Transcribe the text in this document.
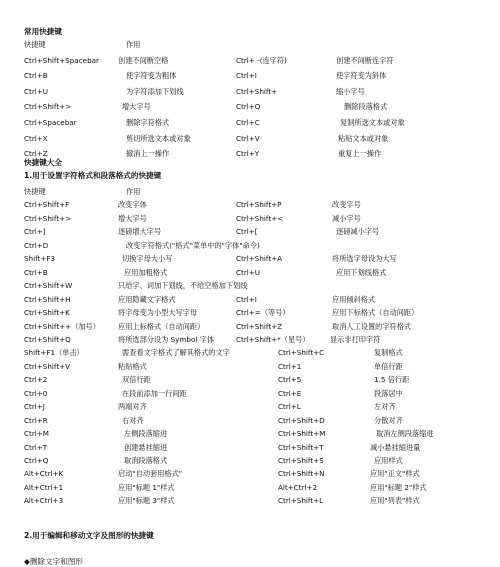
常用快捷键
快捷键	作用
Ctrl+Shift+Spacebar	创建不间断空格	Ctrl+ -(连字符)	创建不间断连字符
Ctrl+B	使字符变为粗体	Ctrl+I	使字符变为斜体
Ctrl+U	为字符添加下划线	Ctrl+Shift+	缩小字号
Ctrl+Shift+>	增大字号	Ctrl+Q	删除段落格式
Ctrl+Spacebar	删除字符格式	Ctrl+C	复制所选文本或对象
Ctrl+X	剪切所选文本或对象	Ctrl+V	粘贴文本或对象
Ctrl+Z	撤消上一操作	Ctrl+Y	重复上一操作
快捷键大全
1.用于设置字符格式和段落格式的快捷键
快捷键	作用
Ctrl+Shift+F	改变字体	Ctrl+Shift+P	改变字号
Ctrl+Shift+>	增大字号	Ctrl+Shift+<	减小字号
Ctrl+]	逐磅增大字号	Ctrl+[	逐磅减小字号
Ctrl+D	改变字符格式("格式"菜单中的"字体"命令)
Shift+F3	切换字母大小写	Ctrl+Shift+A	将所选字母设为大写
Ctrl+B	应用加粗格式	Ctrl+U	应用下划线格式
Ctrl+Shift+W	只给字、词加下划线，不给空格加下划线
Ctrl+Shift+H	应用隐藏文字格式	Ctrl+I	应用倾斜格式
Ctrl+Shift+K	将字母变为小型大写字母	Ctrl+=（等号）	应用下标格式（自动间距）
Ctrl+Shift++（加号）	应用上标格式（自动间距）	Ctrl+Shift+Z	取消人工设置的字符格式
Ctrl+Shift+Q	将所选部分设为 Symbol 字体	Ctrl+Shift+*（星号）	显示非打印字符
Shift+F1（单击）	需查看文字格式了解其格式的文字	Ctrl+Shift+C	复制格式
Ctrl+Shift+V	粘贴格式	Ctrl+1	单倍行距
Ctrl+2	双倍行距	Ctrl+5	1.5 倍行距
Ctrl+0	在段前添加一行间距	Ctrl+E	段落居中
Ctrl+J	两端对齐	Ctrl+L	左对齐
Ctrl+R	右对齐	Ctrl+Shift+D	分散对齐
Ctrl+M	左侧段落缩进	Ctrl+Shift+M	取消左侧段落缩进
Ctrl+T	创建悬挂缩进	Ctrl+Shift+T	减小悬挂缩进量
Ctrl+Q	取消段落格式	Ctrl+Shift+S	应用样式
Alt+Ctrl+K	启动"自动套用格式"	Ctrl+Shift+N	应用"正文"样式
Alt+Ctrl+1	应用"标题 1"样式	Alt+Ctrl+2	应用"标题 2"样式
Alt+Ctrl+3	应用"标题 3"样式	Ctrl+Shift+L	应用"列表"样式
2.用于编辑和移动文字及图形的快捷键
◆删除文字和图形
